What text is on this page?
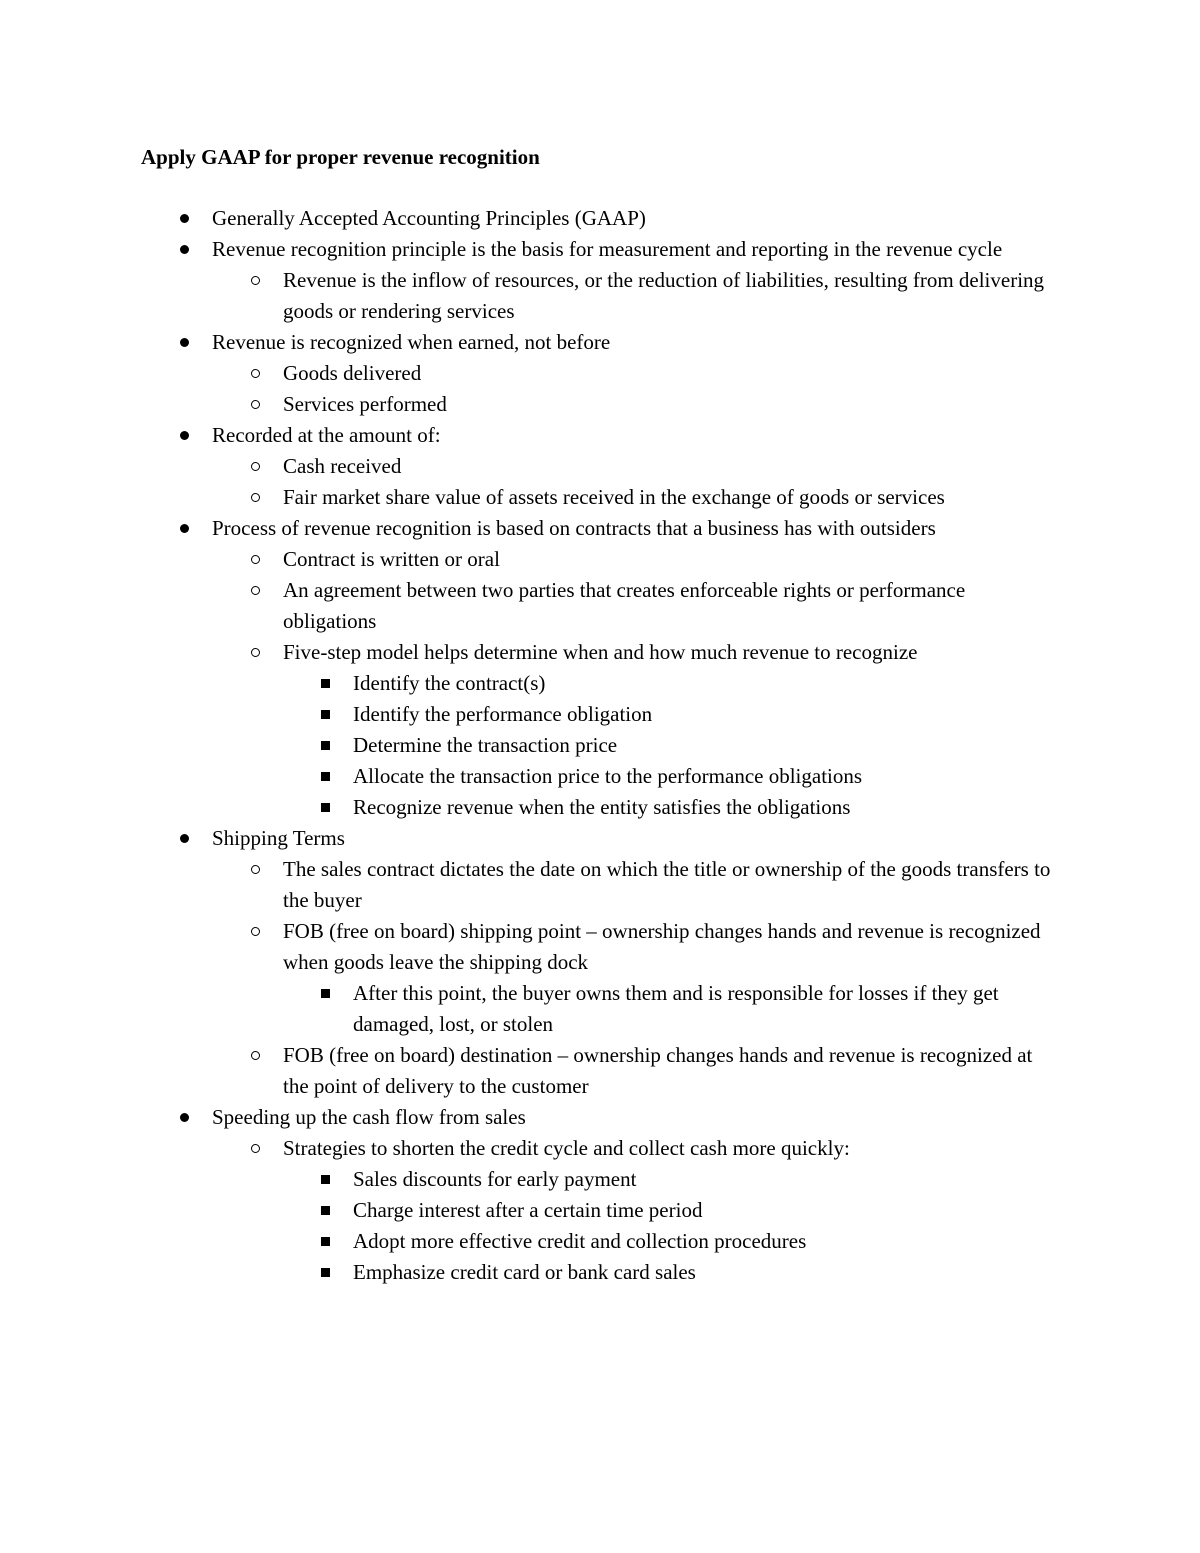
Apply GAAP for proper revenue recognition
Generally Accepted Accounting Principles (GAAP)
Revenue recognition principle is the basis for measurement and reporting in the revenue cycle
Revenue is the inflow of resources, or the reduction of liabilities, resulting from delivering goods or rendering services
Revenue is recognized when earned, not before
Goods delivered
Services performed
Recorded at the amount of:
Cash received
Fair market share value of assets received in the exchange of goods or services
Process of revenue recognition is based on contracts that a business has with outsiders
Contract is written or oral
An agreement between two parties that creates enforceable rights or performance obligations
Five-step model helps determine when and how much revenue to recognize
Identify the contract(s)
Identify the performance obligation
Determine the transaction price
Allocate the transaction price to the performance obligations
Recognize revenue when the entity satisfies the obligations
Shipping Terms
The sales contract dictates the date on which the title or ownership of the goods transfers to the buyer
FOB (free on board) shipping point – ownership changes hands and revenue is recognized when goods leave the shipping dock
After this point, the buyer owns them and is responsible for losses if they get damaged, lost, or stolen
FOB (free on board) destination – ownership changes hands and revenue is recognized at the point of delivery to the customer
Speeding up the cash flow from sales
Strategies to shorten the credit cycle and collect cash more quickly:
Sales discounts for early payment
Charge interest after a certain time period
Adopt more effective credit and collection procedures
Emphasize credit card or bank card sales
